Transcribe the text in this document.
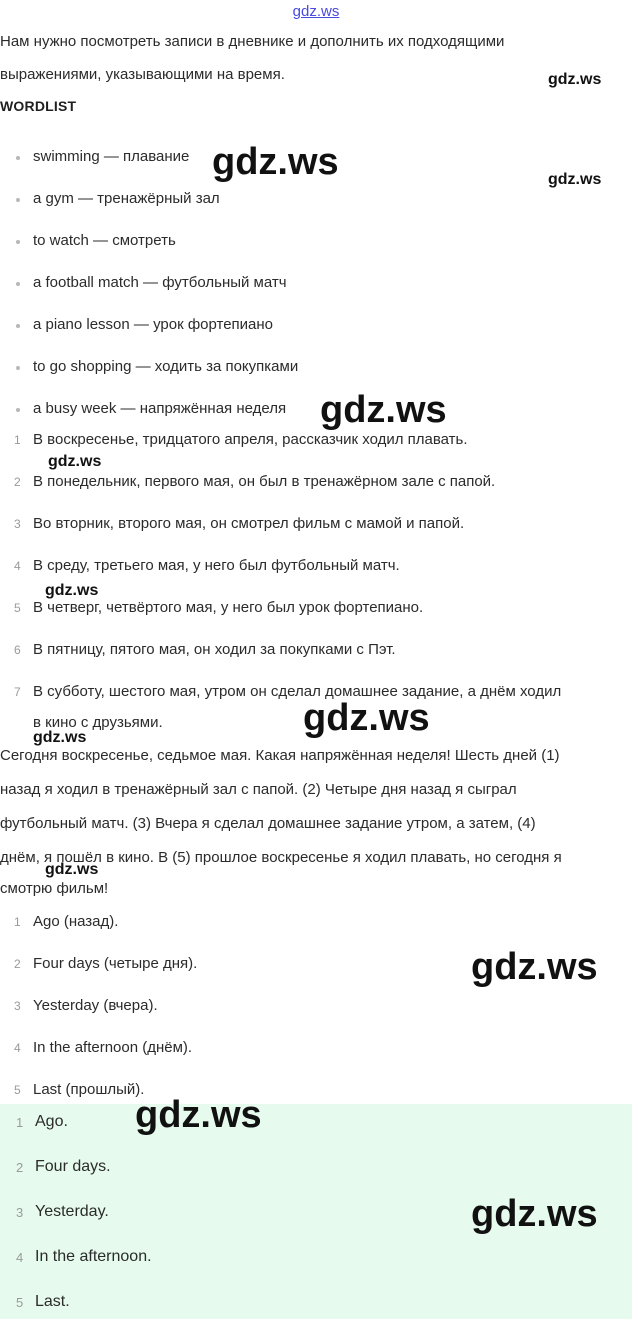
gdz.ws
Нам нужно посмотреть записи в дневнике и дополнить их подходящими
выражениями, указывающими на время.
WORDLIST
swimming — плавание
a gym — тренажёрный зал
to watch — смотреть
a football match — футбольный матч
a piano lesson — урок фортепиано
to go shopping — ходить за покупками
a busy week — напряжённая неделя
1 В воскресенье, тридцатого апреля, рассказчик ходил плавать.
2 В понедельник, первого мая, он был в тренажёрном зале с папой.
3 Во вторник, второго мая, он смотрел фильм с мамой и папой.
4 В среду, третьего мая, у него был футбольный матч.
5 В четверг, четвёртого мая, у него был урок фортепиано.
6 В пятницу, пятого мая, он ходил за покупками с Пэт.
7 В субботу, шестого мая, утром он сделал домашнее задание, а днём ходил
в кино с друзьями.
Сегодня воскресенье, седьмое мая. Какая напряжённая неделя! Шесть дней (1)
назад я ходил в тренажёрный зал с папой. (2) Четыре дня назад я сыграл
футбольный матч. (3) Вчера я сделал домашнее задание утром, а затем, (4)
днём, я пошёл в кино. В (5) прошлое воскресенье я ходил плавать, но сегодня я
смотрю фильм!
1 Ago (назад).
2 Four days (четыре дня).
3 Yesterday (вчера).
4 In the afternoon (днём).
5 Last (прошлый).
1 Ago.
2 Four days.
3 Yesterday.
4 In the afternoon.
5 Last.
gdz.ws
gdz.ws	gdz.ws
gdz.ws
gdz.ws
gdz.ws
gdz.ws
gdz.ws
gdz.ws
gdz.ws
gdz.ws
gdz.ws
